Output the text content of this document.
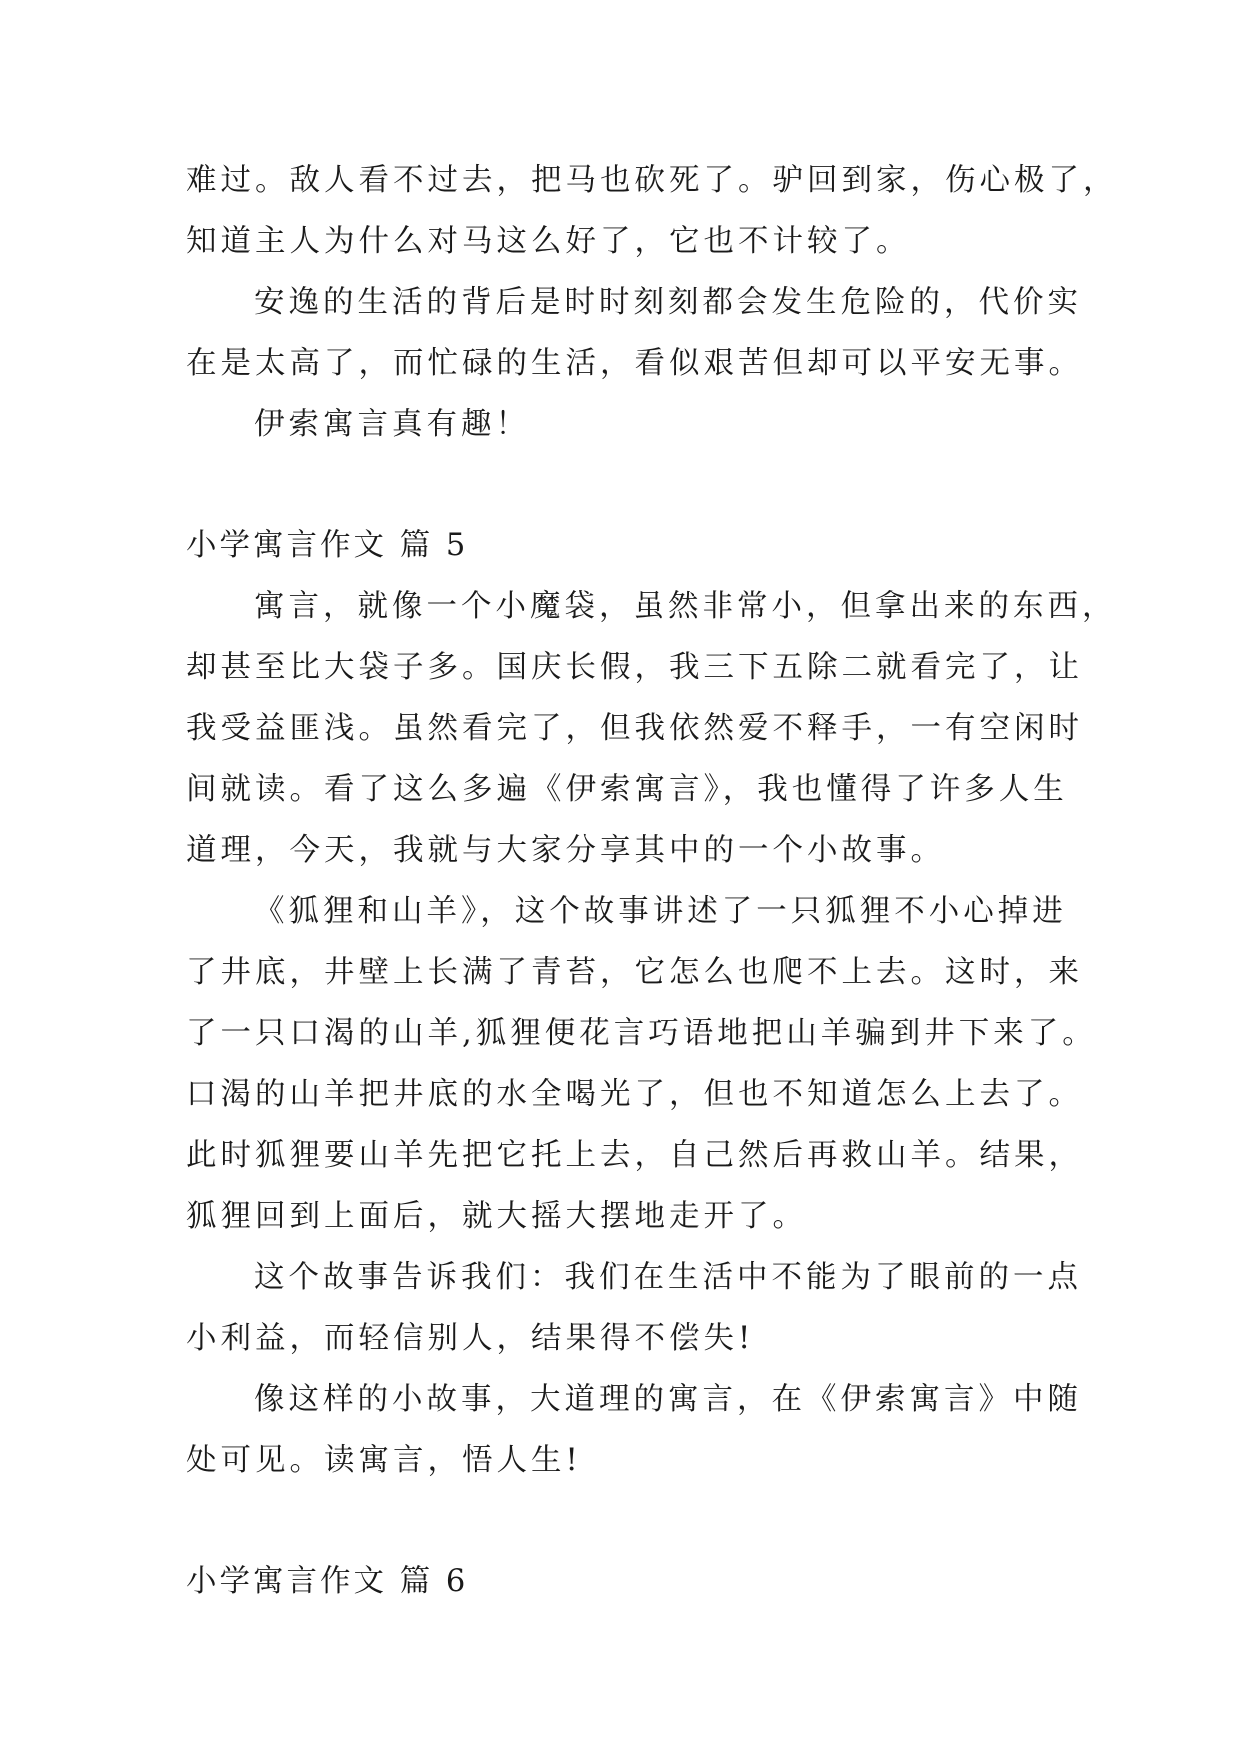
难过。敌人看不过去，把马也砍死了。驴回到家，伤心极了，
知道主人为什么对马这么好了，它也不计较了。
安逸的生活的背后是时时刻刻都会发生危险的，代价实
在是太高了，而忙碌的生活，看似艰苦但却可以平安无事。
伊索寓言真有趣！
小学寓言作文 篇 5
寓言，就像一个小魔袋，虽然非常小，但拿出来的东西，
却甚至比大袋子多。国庆长假，我三下五除二就看完了，让
我受益匪浅。虽然看完了，但我依然爱不释手，一有空闲时
间就读。看了这么多遍《伊索寓言》，我也懂得了许多人生
道理，今天，我就与大家分享其中的一个小故事。
《狐狸和山羊》，这个故事讲述了一只狐狸不小心掉进
了井底，井壁上长满了青苔，它怎么也爬不上去。这时，来
了一只口渴的山羊,狐狸便花言巧语地把山羊骗到井下来了。
口渴的山羊把井底的水全喝光了，但也不知道怎么上去了。
此时狐狸要山羊先把它托上去，自己然后再救山羊。结果，
狐狸回到上面后，就大摇大摆地走开了。
这个故事告诉我们：我们在生活中不能为了眼前的一点
小利益，而轻信别人，结果得不偿失!
像这样的小故事，大道理的寓言，在《伊索寓言》中随
处可见。读寓言，悟人生!
小学寓言作文 篇 6
